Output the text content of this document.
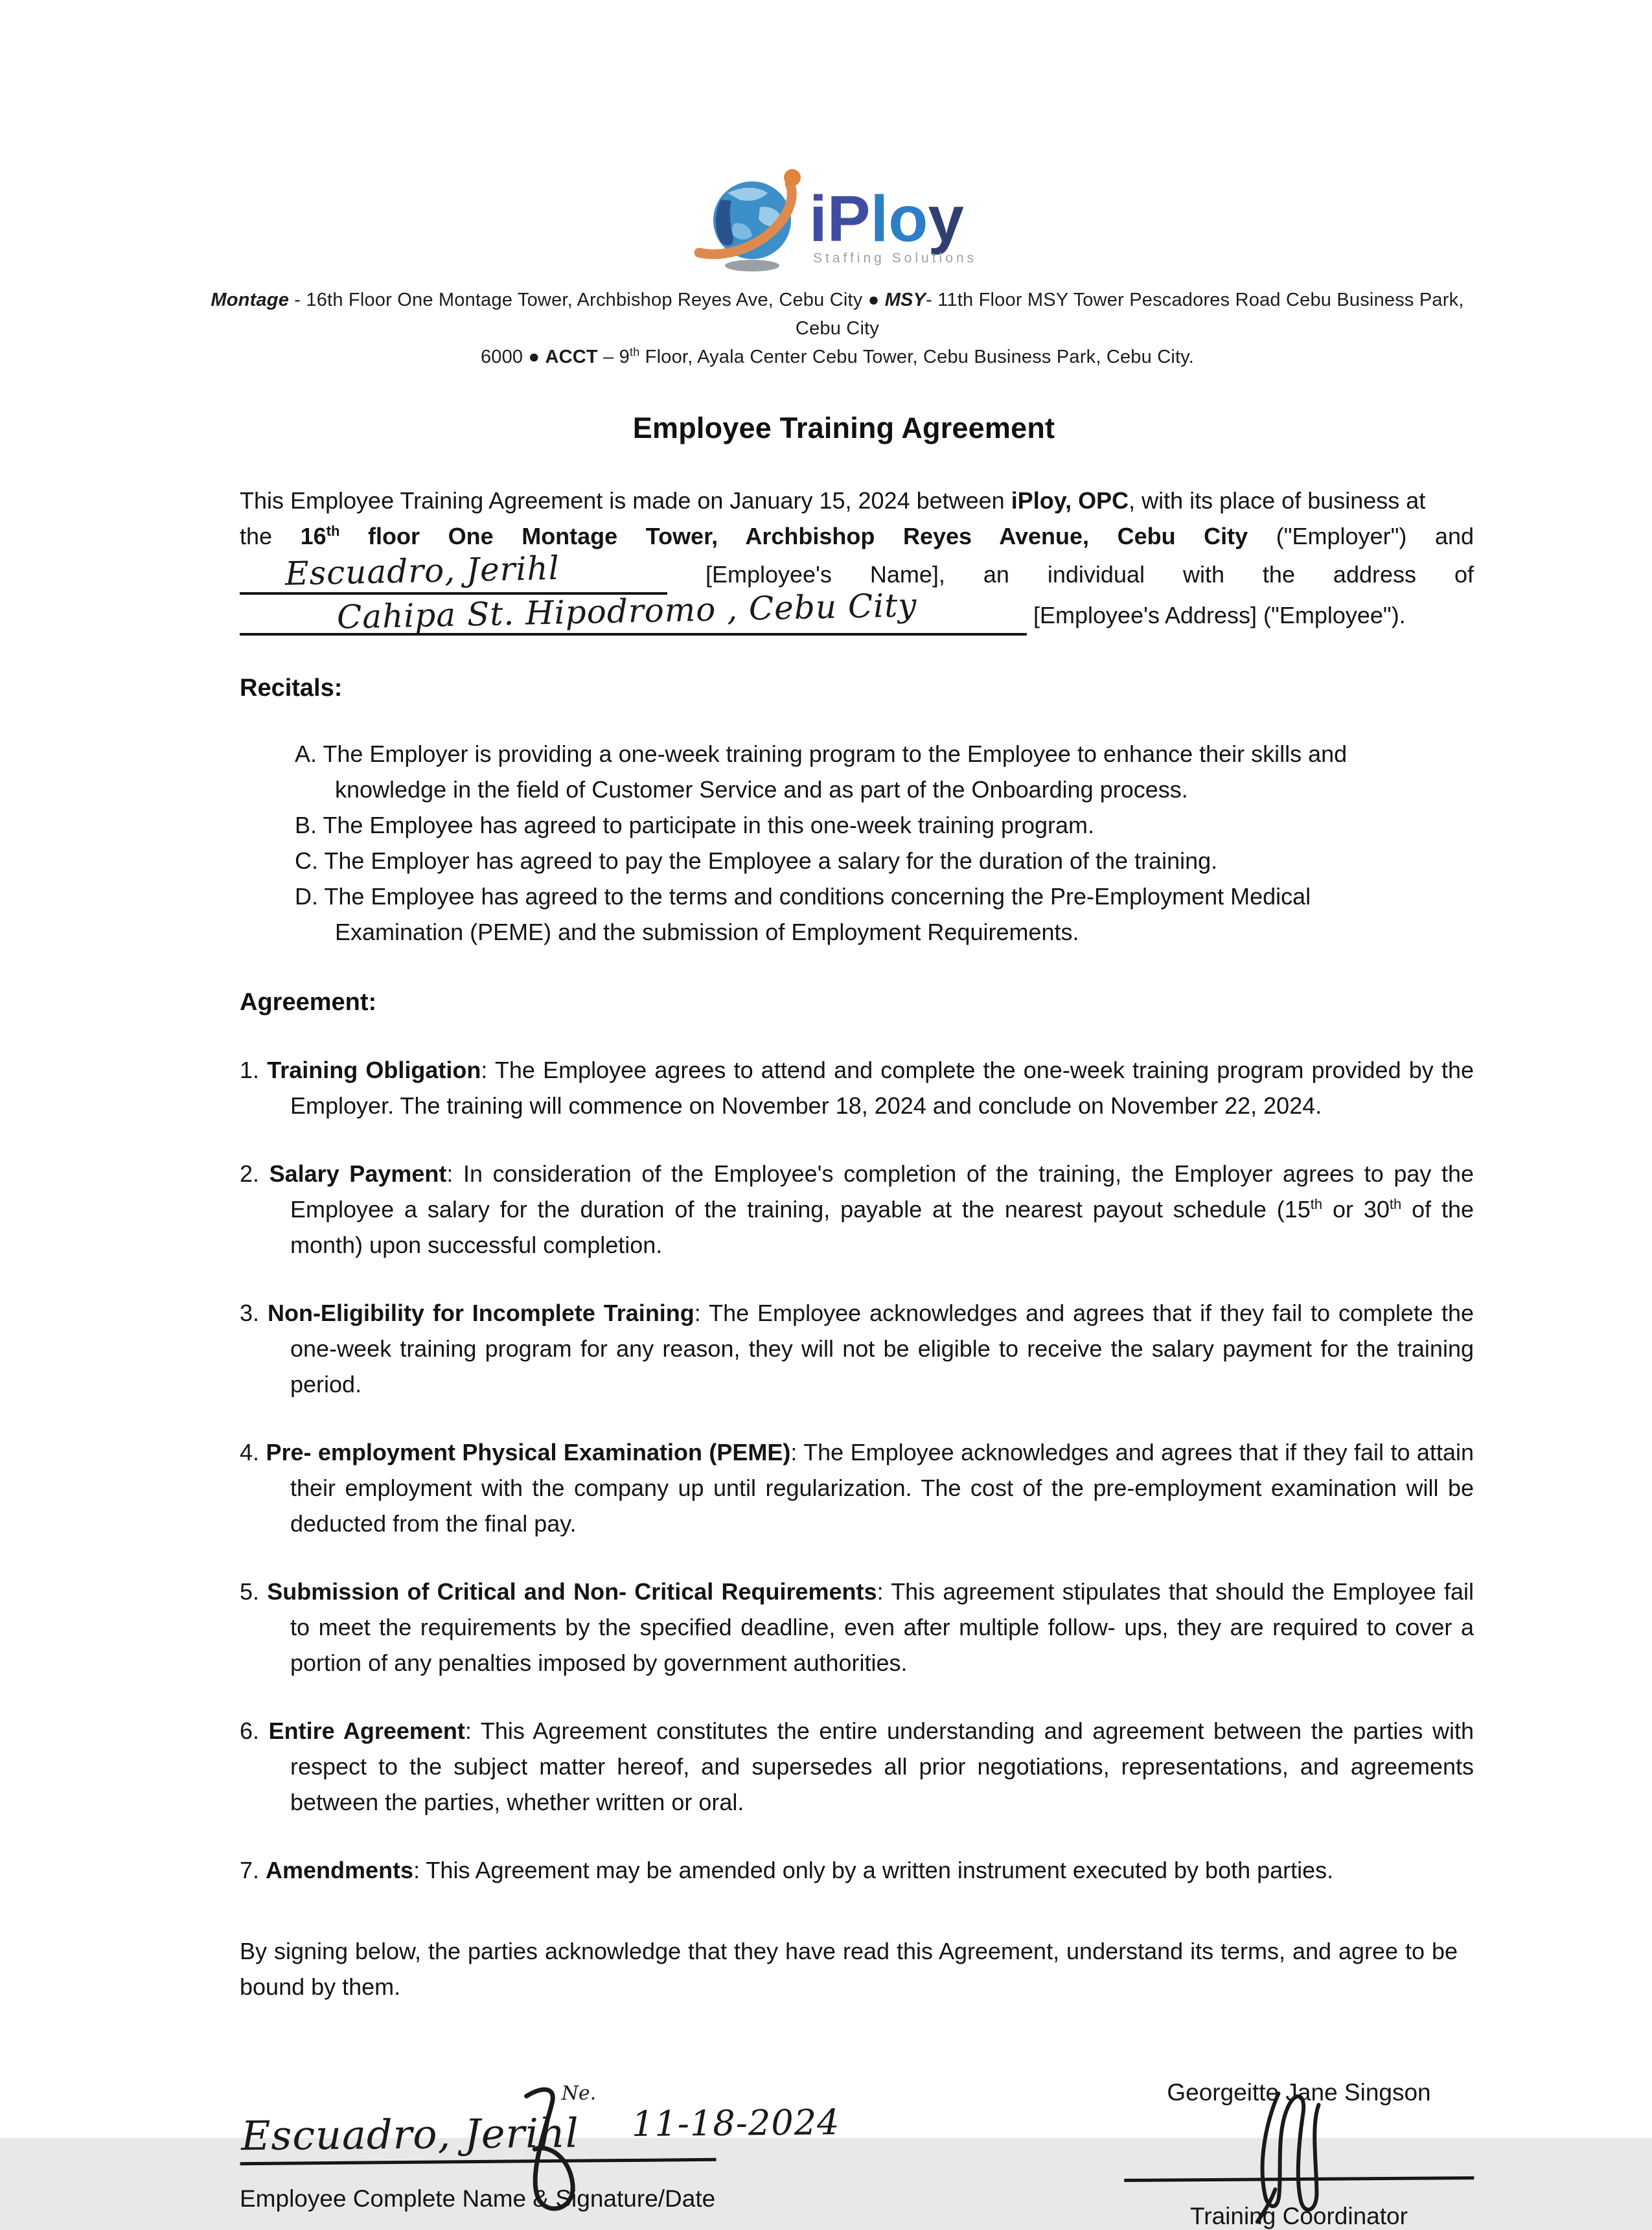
iPloy
Staffing Solutions
Montage - 16th Floor One Montage Tower, Archbishop Reyes Ave, Cebu City ● MSY- 11th Floor MSY Tower Pescadores Road Cebu Business Park, Cebu City
6000 ● ACCT – 9th Floor, Ayala Center Cebu Tower, Cebu Business Park, Cebu City.
Employee Training Agreement
This Employee Training Agreement is made on January 15, 2024 between iPloy, OPC, with its place of business at
the 16th floor One Montage Tower, Archbishop Reyes Avenue, Cebu City ("Employer") and
Escuadro, Jerihl	[Employee's Name], an individual with the address of
Cahipa St. Hipodromo , Cebu City	[Employee's Address] ("Employee").
Recitals:
A. The Employer is providing a one-week training program to the Employee to enhance their skills and knowledge in the field of Customer Service and as part of the Onboarding process.
B. The Employee has agreed to participate in this one-week training program.
C. The Employer has agreed to pay the Employee a salary for the duration of the training.
D. The Employee has agreed to the terms and conditions concerning the Pre-Employment Medical Examination (PEME) and the submission of Employment Requirements.
Agreement:
1. Training Obligation: The Employee agrees to attend and complete the one-week training program provided by the Employer. The training will commence on November 18, 2024 and conclude on November 22, 2024.
2. Salary Payment: In consideration of the Employee's completion of the training, the Employer agrees to pay the Employee a salary for the duration of the training, payable at the nearest payout schedule (15th or 30th of the month) upon successful completion.
3. Non-Eligibility for Incomplete Training: The Employee acknowledges and agrees that if they fail to complete the one-week training program for any reason, they will not be eligible to receive the salary payment for the training period.
4. Pre- employment Physical Examination (PEME): The Employee acknowledges and agrees that if they fail to attain their employment with the company up until regularization. The cost of the pre-employment examination will be deducted from the final pay.
5. Submission of Critical and Non- Critical Requirements: This agreement stipulates that should the Employee fail to meet the requirements by the specified deadline, even after multiple follow- ups, they are required to cover a portion of any penalties imposed by government authorities.
6. Entire Agreement: This Agreement constitutes the entire understanding and agreement between the parties with respect to the subject matter hereof, and supersedes all prior negotiations, representations, and agreements between the parties, whether written or oral.
7. Amendments: This Agreement may be amended only by a written instrument executed by both parties.

By signing below, the parties acknowledge that they have read this Agreement, understand its terms, and agree to be bound by them.

Escuadro, Jerihl
Ne.
11-18-2024
Employee Complete Name & Signature/Date
Georgeitte Jane Singson
Training Coordinator
